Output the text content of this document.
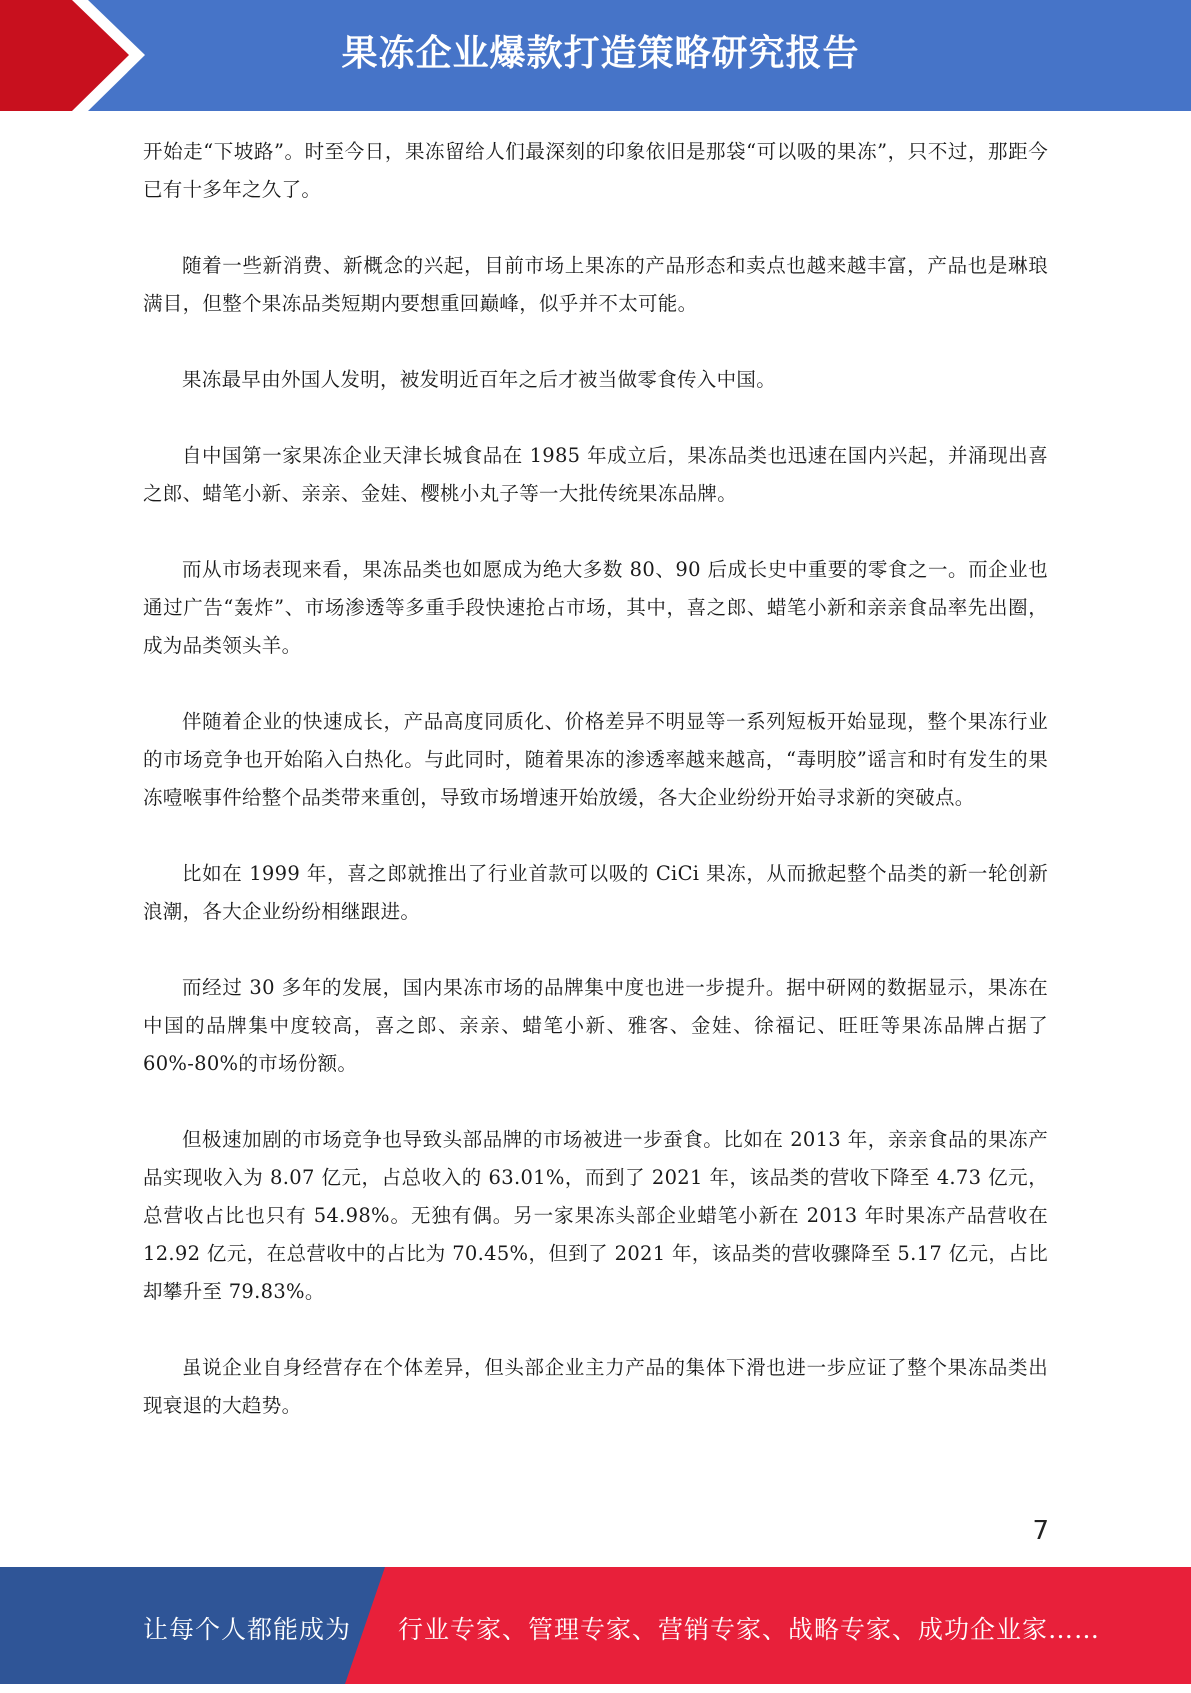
果冻企业爆款打造策略研究报告

开始走“下坡路”。时至今日，果冻留给人们最深刻的印象依旧是那袋“可以吸的果冻”，只不过，那距今已有十多年之久了。

随着一些新消费、新概念的兴起，目前市场上果冻的产品形态和卖点也越来越丰富，产品也是琳琅满目，但整个果冻品类短期内要想重回巅峰，似乎并不太可能。

果冻最早由外国人发明，被发明近百年之后才被当做零食传入中国。

自中国第一家果冻企业天津长城食品在 1985 年成立后，果冻品类也迅速在国内兴起，并涌现出喜之郎、蜡笔小新、亲亲、金娃、樱桃小丸子等一大批传统果冻品牌。

而从市场表现来看，果冻品类也如愿成为绝大多数 80、90 后成长史中重要的零食之一。而企业也通过广告“轰炸”、市场渗透等多重手段快速抢占市场，其中，喜之郎、蜡笔小新和亲亲食品率先出圈，成为品类领头羊。

伴随着企业的快速成长，产品高度同质化、价格差异不明显等一系列短板开始显现，整个果冻行业的市场竞争也开始陷入白热化。与此同时，随着果冻的渗透率越来越高，“毒明胶”谣言和时有发生的果冻噎喉事件给整个品类带来重创，导致市场增速开始放缓，各大企业纷纷开始寻求新的突破点。

比如在 1999 年，喜之郎就推出了行业首款可以吸的 CiCi 果冻，从而掀起整个品类的新一轮创新浪潮，各大企业纷纷相继跟进。

而经过 30 多年的发展，国内果冻市场的品牌集中度也进一步提升。据中研网的数据显示，果冻在中国的品牌集中度较高，喜之郎、亲亲、蜡笔小新、雅客、金娃、徐福记、旺旺等果冻品牌占据了 60%-80%的市场份额。

但极速加剧的市场竞争也导致头部品牌的市场被进一步蚕食。比如在 2013 年，亲亲食品的果冻产品实现收入为 8.07 亿元，占总收入的 63.01%，而到了 2021 年，该品类的营收下降至 4.73 亿元，总营收占比也只有 54.98%。无独有偶。另一家果冻头部企业蜡笔小新在 2013 年时果冻产品营收在 12.92 亿元，在总营收中的占比为 70.45%，但到了 2021 年，该品类的营收骤降至 5.17 亿元，占比却攀升至 79.83%。

虽说企业自身经营存在个体差异，但头部企业主力产品的集体下滑也进一步应证了整个果冻品类出现衰退的大趋势。

7
让每个人都能成为 行业专家、管理专家、营销专家、战略专家、成功企业家……
